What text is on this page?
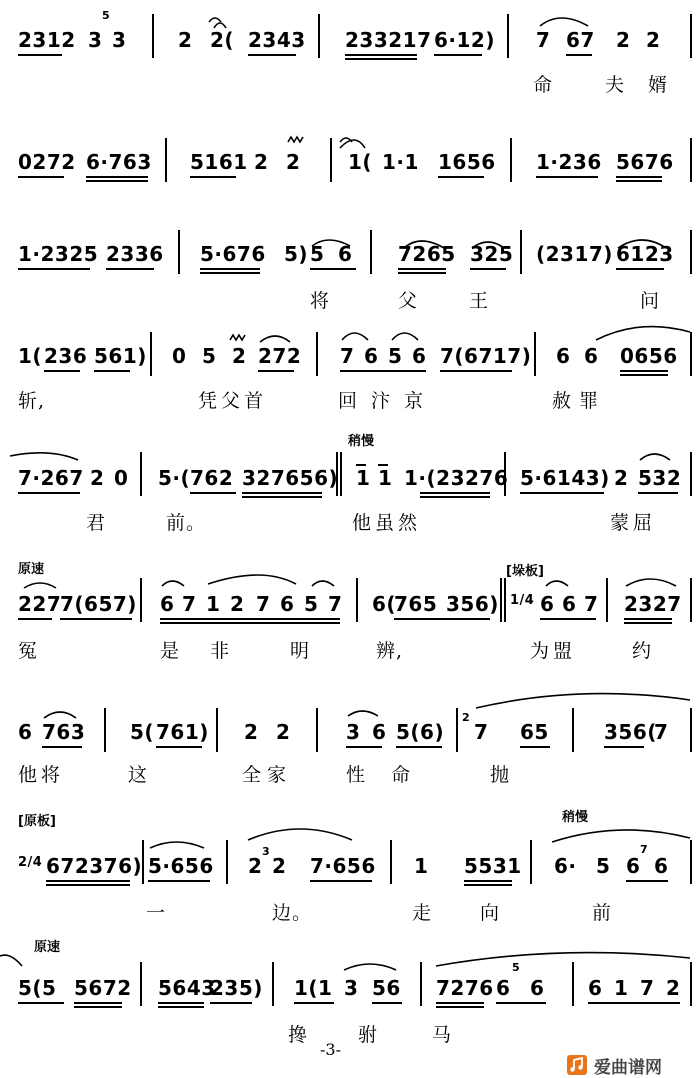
2312 3
5
3	2 2( 2343 233217 6·12) 7 67 2 2
命	夫婿
0272 6·763 5161 2 2 1( 1·1 1656 1·236 5676
1·2325 2336 5·676 5) 5 6 7265 325 (2317) 6123
将	父王	问
1( 236 561) 0 5 2 272 7 6 5 6 7(6717) 6 6 0656
斩,	凭父首	回汴京	赦罪
稍慢
7·267 2 0 5·( 762 327656) 1 1 1·(23276 5·6143) 2 532
君	前。	他虽然	蒙屈
原速	[垛板]
227
7(657) 6 7 1 2 7 6 5 7 6(
765 356) 1/4 6 6 7 2327
冤	是 非	明	辨,	为盟	约
6 763 5( 761) 2 2	3 6 5(6)
2
7 65	356(
7
他将	这	全家	性命	抛
[原板]	稍慢
2/4 672376) 5·656 2
3
2 7·656 1 5531 6· 5 6
7
6
一	边。	走	向	前
原速
5(5 5672 5643
235) 1(1 3 56 7276 6
5
6 6 1 7 2
搀	驸	马
-3-
爱曲谱网
